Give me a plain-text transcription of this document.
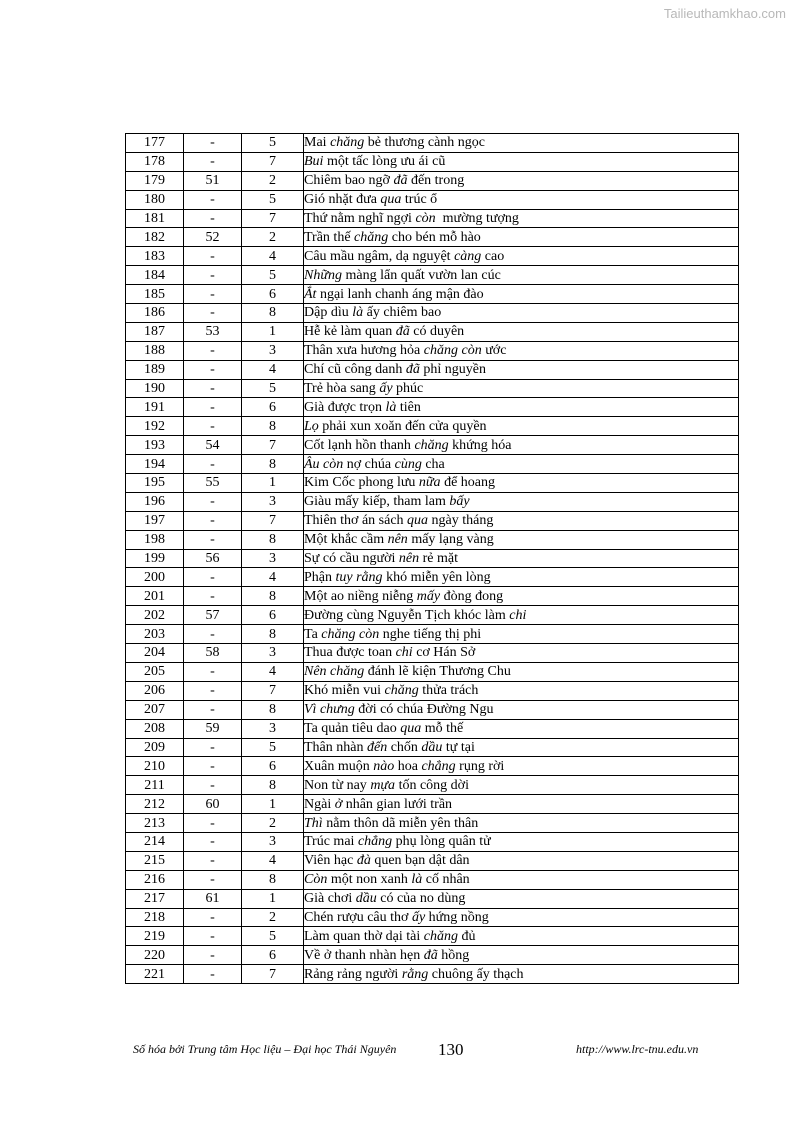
Tailieuthamkhao.com
177	-	5	Mai chăng bẻ thương cành ngọc
178	-	7	Bui một tấc lòng ưu ái cũ
179	51	2	Chiêm bao ngỡ đã đến trong
180	-	5	Gió nhặt đưa qua trúc ổ
181	-	7	Thứ nằm nghĩ ngợi còn  mường tượng
182	52	2	Trần thế chăng cho bén mỗ hào
183	-	4	Câu mầu ngâm, dạ nguyệt càng cao
184	-	5	Những màng lẩn quất vườn lan cúc
185	-	6	Ắt ngại lanh chanh áng mận đào
186	-	8	Dập dìu là ấy chiêm bao
187	53	1	Hễ kẻ làm quan đã có duyên
188	-	3	Thân xưa hương hỏa chăng còn ước
189	-	4	Chí cũ công danh đã phỉ nguyền
190	-	5	Trẻ hòa sang ấy phúc
191	-	6	Già được trọn là tiên
192	-	8	Lọ phải xun xoăn đến cửa quyền
193	54	7	Cốt lạnh hồn thanh chăng khứng hóa
194	-	8	Âu còn nợ chúa cùng cha
195	55	1	Kim Cốc phong lưu nữa để hoang
196	-	3	Giàu mấy kiếp, tham lam bấy
197	-	7	Thiên thơ án sách qua ngày tháng
198	-	8	Một khắc cầm nên mấy lạng vàng
199	56	3	Sự có cầu người nên rẻ mặt
200	-	4	Phận tuy rằng khó miễn yên lòng
201	-	8	Một ao niềng niễng mấy đòng đong
202	57	6	Đường cùng Nguyễn Tịch khóc làm chi
203	-	8	Ta chăng còn nghe tiếng thị phi
204	58	3	Thua được toan chi cơ Hán Sở
205	-	4	Nên chăng đánh lẽ kiện Thương Chu
206	-	7	Khó miễn vui chăng thửa trách
207	-	8	Vì chưng đời có chúa Đường Ngu
208	59	3	Ta quản tiêu dao qua mỗ thế
209	-	5	Thân nhàn đến chốn dầu tự tại
210	-	6	Xuân muộn nào hoa chẳng rụng rời
211	-	8	Non từ nay mựa tốn công dời
212	60	1	Ngài ở nhân gian lưới trần
213	-	2	Thì nằm thôn dã miễn yên thân
214	-	3	Trúc mai chẳng phụ lòng quân tử
215	-	4	Viên hạc đà quen bạn dật dân
216	-	8	Còn một non xanh là cố nhân
217	61	1	Già chơi dầu có của no dùng
218	-	2	Chén rượu câu thơ ấy hứng nồng
219	-	5	Làm quan thờ dại tài chăng đủ
220	-	6	Về ở thanh nhàn hẹn đã hồng
221	-	7	Rảng rảng người rằng chuông ấy thạch
Số hóa bởi Trung tâm Học liệu – Đại học Thái Nguyên 130	http://www.lrc-tnu.edu.vn
